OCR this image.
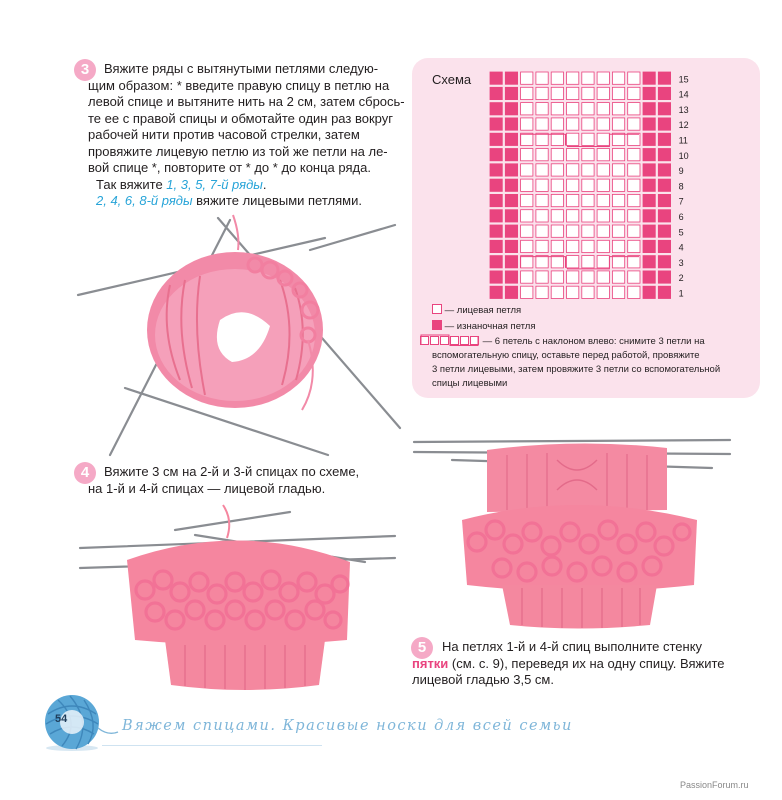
3	Вяжите ряды с вытянутыми петлями следую-
щим образом: * введите правую спицу в петлю на
левой спице и вытяните нить на 2 см, затем сбрось-
те ее с правой спицы и обмотайте один раз вокруг
рабочей нити против часовой стрелки, затем
провяжите лицевую петлю из той же петли на ле-
вой спице *, повторите от * до * до конца ряда.
Так вяжите 1, 3, 5, 7-й ряды.
2, 4, 6, 8-й ряды вяжите лицевыми петлями.
Схема	15
14
13
12
11
10
9
8
7
6
5
4
3
2
1
— лицевая петля
— изнаночная петля
— 6 петель с наклоном влево: снимите 3 петли на
вспомогательную спицу, оставьте перед работой, провяжите
3 петли лицевыми, затем провяжите 3 петли со вспомогательной
спицы лицевыми
4	Вяжите 3 см на 2-й и 3-й спицах по схеме,
на 1-й и 4-й спицах — лицевой гладью.
5	На петлях 1-й и 4-й спиц выполните стенку
пятки (см. с. 9), переведя их на одну спицу. Вяжите
лицевой гладью 3,5 см.
54	Вяжем спицами. Красивые носки для всей семьи
PassionForum.ru
